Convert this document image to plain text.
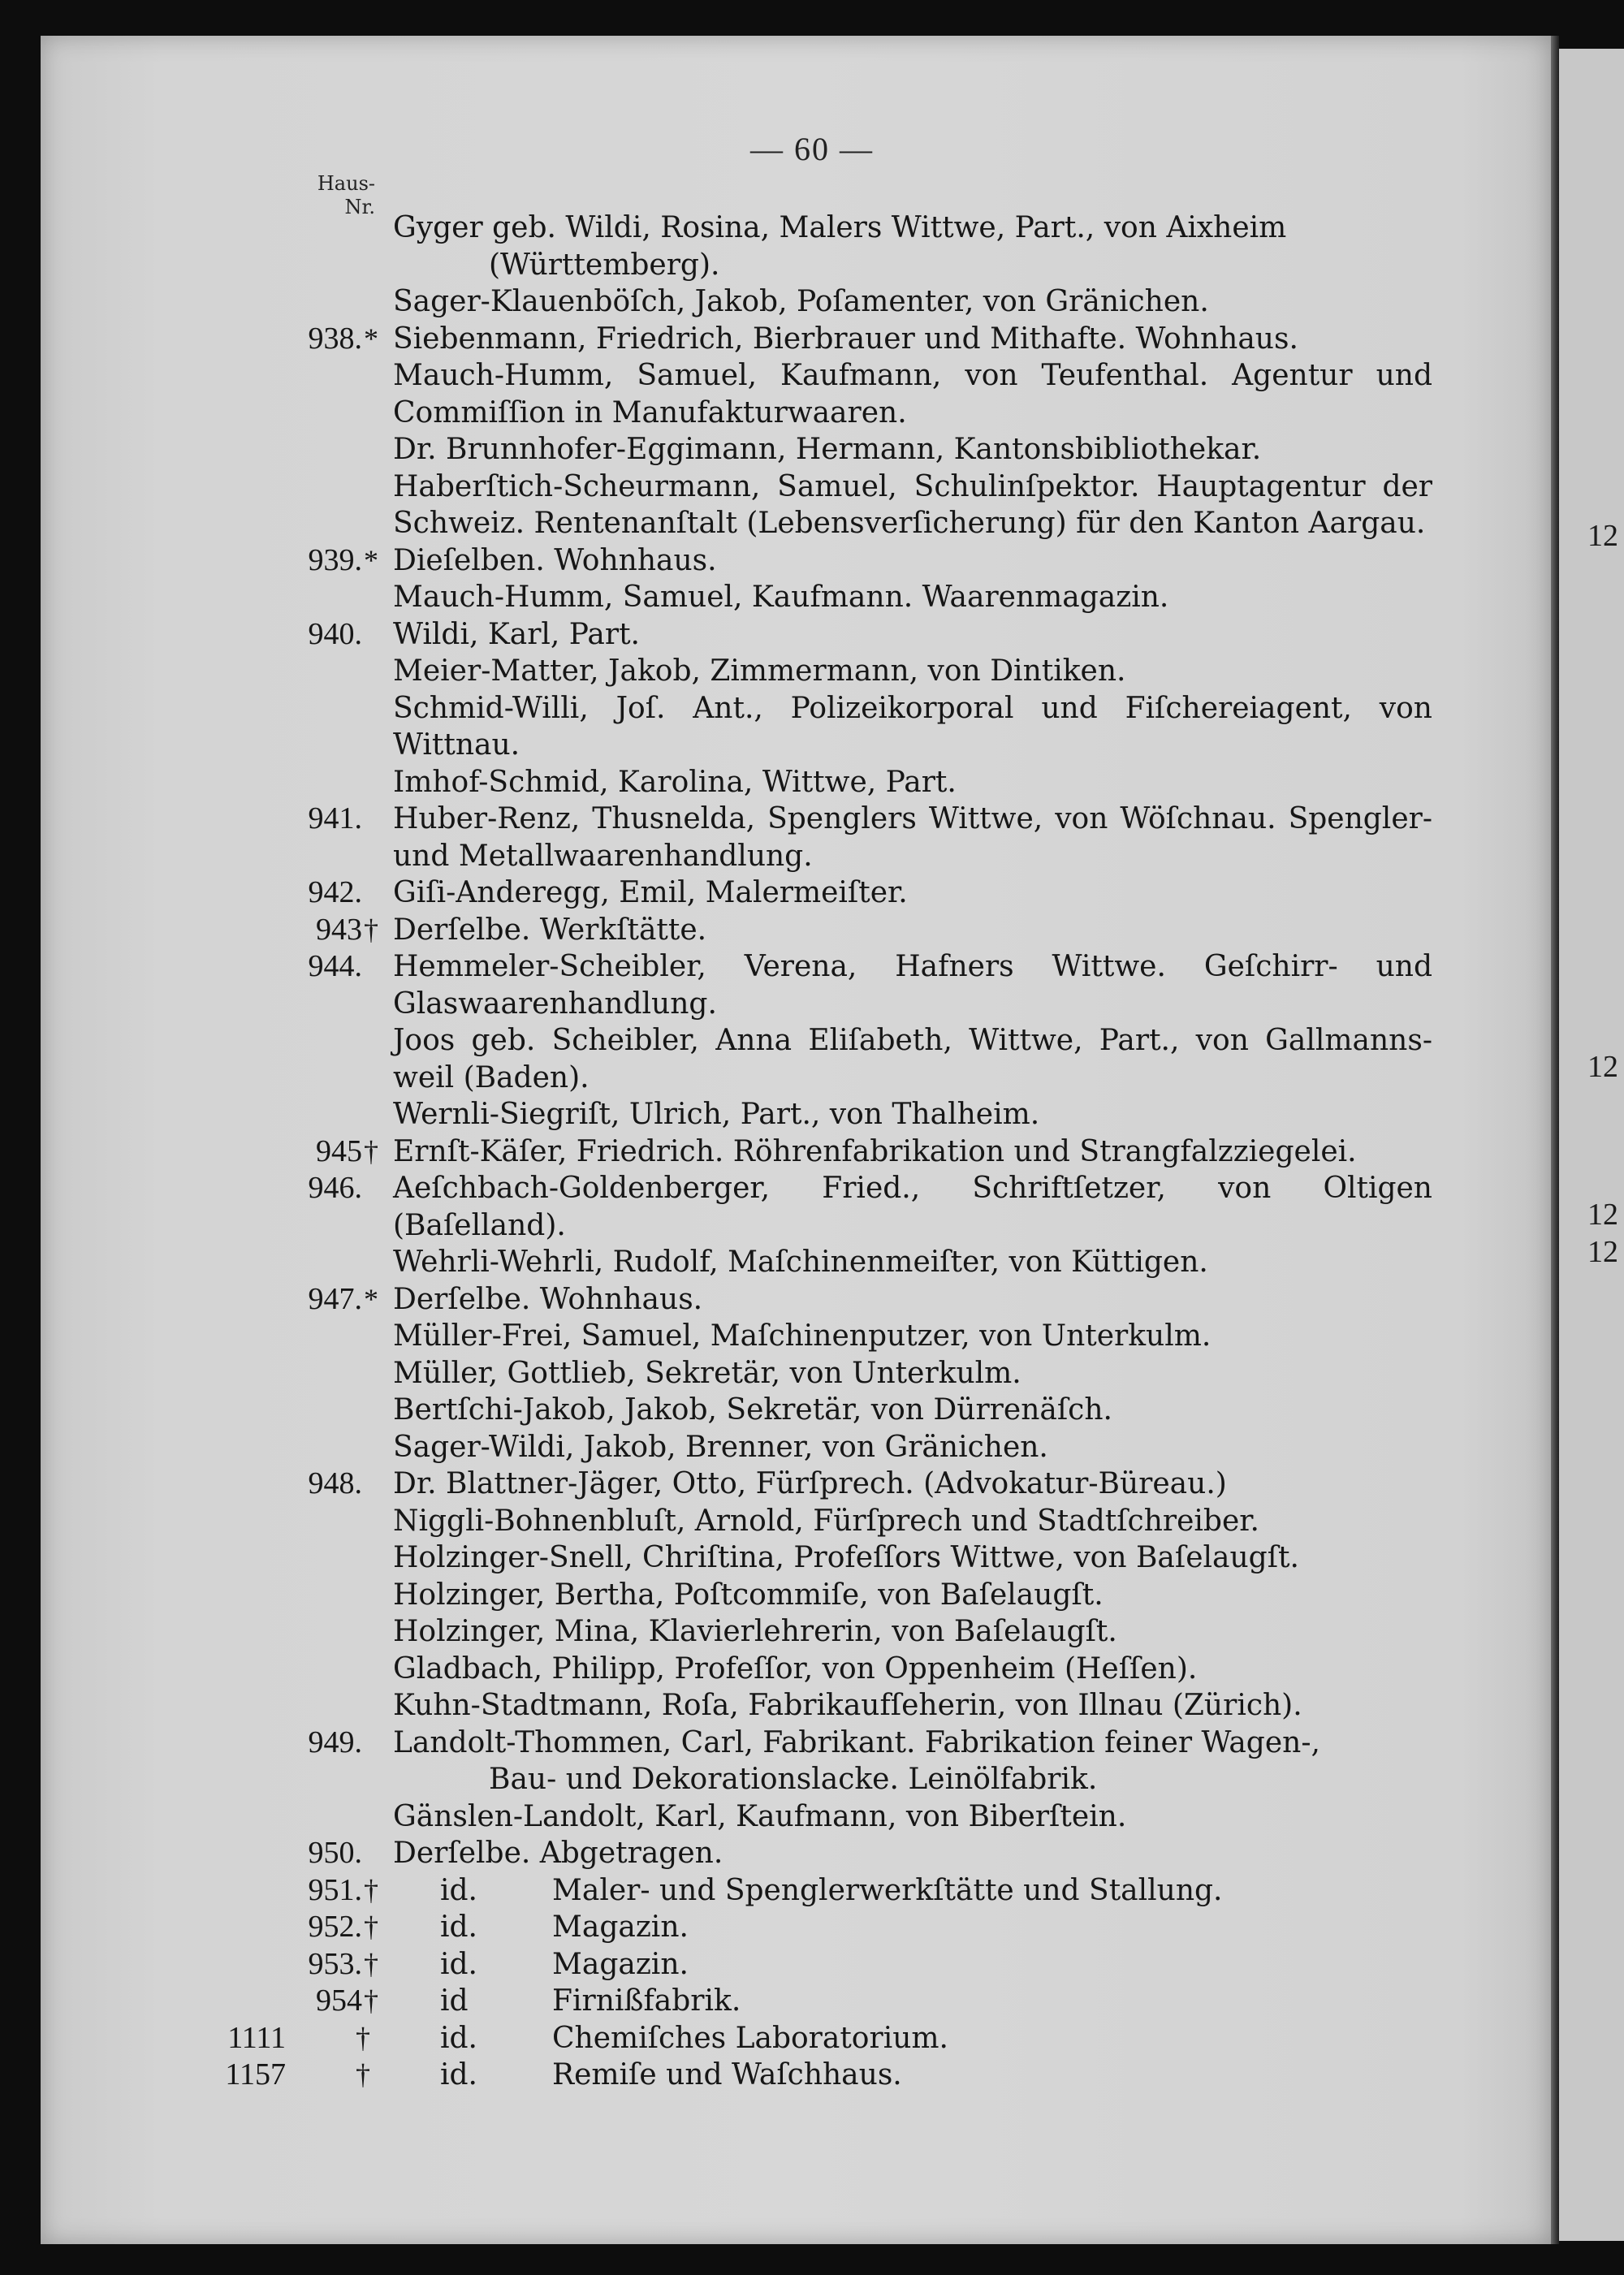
12
12
12
12
— 60 —
Haus-
Nr.
Gyger geb. Wildi, Rosina, Malers Wittwe, Part., von Aixheim
(Württemberg).
Sager-Klauenböſch, Jakob, Poſamenter, von Gränichen.
938. * Siebenmann, Friedrich, Bierbrauer und Mithafte. Wohnhaus.
Mauch-Humm, Samuel, Kaufmann, von Teufenthal. Agentur und Commiſſion in Manufakturwaaren.
Dr. Brunnhofer-Eggimann, Hermann, Kantonsbibliothekar.
Haberſtich-Scheurmann, Samuel, Schulinſpektor. Hauptagentur der Schweiz. Rentenanſtalt (Lebensverſicherung) für den Kanton Aargau.
939. * Dieſelben. Wohnhaus.
Mauch-Humm, Samuel, Kaufmann. Waarenmagazin.
940. Wildi, Karl, Part.
Meier-Matter, Jakob, Zimmermann, von Dintiken.
Schmid-Willi, Joſ. Ant., Polizeikorporal und Fiſchereiagent, von Wittnau.
Imhof-Schmid, Karolina, Wittwe, Part.
941. Huber-Renz, Thusnelda, Spenglers Wittwe, von Wöſchnau. Spengler- und Metallwaarenhandlung.
942. Giſi-Anderegg, Emil, Malermeiſter.
943 † Derſelbe. Werkſtätte.
944. Hemmeler-Scheibler, Verena, Hafners Wittwe. Geſchirr- und Glaswaarenhandlung.
Joos geb. Scheibler, Anna Eliſabeth, Wittwe, Part., von Gallmanns- weil (Baden).
Wernli-Siegriſt, Ulrich, Part., von Thalheim.
945 † Ernſt-Käſer, Friedrich. Röhrenfabrikation und Strangfalzziegelei.
946. Aeſchbach-Goldenberger, Fried., Schriftſetzer, von Oltigen (Baſelland).
Wehrli-Wehrli, Rudolf, Maſchinenmeiſter, von Küttigen.
947. * Derſelbe. Wohnhaus.
Müller-Frei, Samuel, Maſchinenputzer, von Unterkulm.
Müller, Gottlieb, Sekretär, von Unterkulm.
Bertſchi-Jakob, Jakob, Sekretär, von Dürrenäſch.
Sager-Wildi, Jakob, Brenner, von Gränichen.
948. Dr. Blattner-Jäger, Otto, Fürſprech. (Advokatur-Büreau.)
Niggli-Bohnenbluſt, Arnold, Fürſprech und Stadtſchreiber.
Holzinger-Snell, Chriſtina, Profeſſors Wittwe, von Baſelaugſt.
Holzinger, Bertha, Poſtcommiſe, von Baſelaugſt.
Holzinger, Mina, Klavierlehrerin, von Baſelaugſt.
Gladbach, Philipp, Profeſſor, von Oppenheim (Heſſen).
Kuhn-Stadtmann, Roſa, Fabrikaufſeherin, von Illnau (Zürich).
949. Landolt-Thommen, Carl, Fabrikant. Fabrikation feiner Wagen-,
Bau- und Dekorationslacke. Leinölfabrik.
Gänslen-Landolt, Karl, Kaufmann, von Biberſtein.
950. Derſelbe. Abgetragen.
951. †	id.	Maler- und Spenglerwerkſtätte und Stallung.
952. †	id.	Magazin.
953. †	id.	Magazin.
954 †	id	Firnißfabrik.
1111 †	id.	Chemiſches Laboratorium.
1157 †	id.	Remiſe und Waſchhaus.
